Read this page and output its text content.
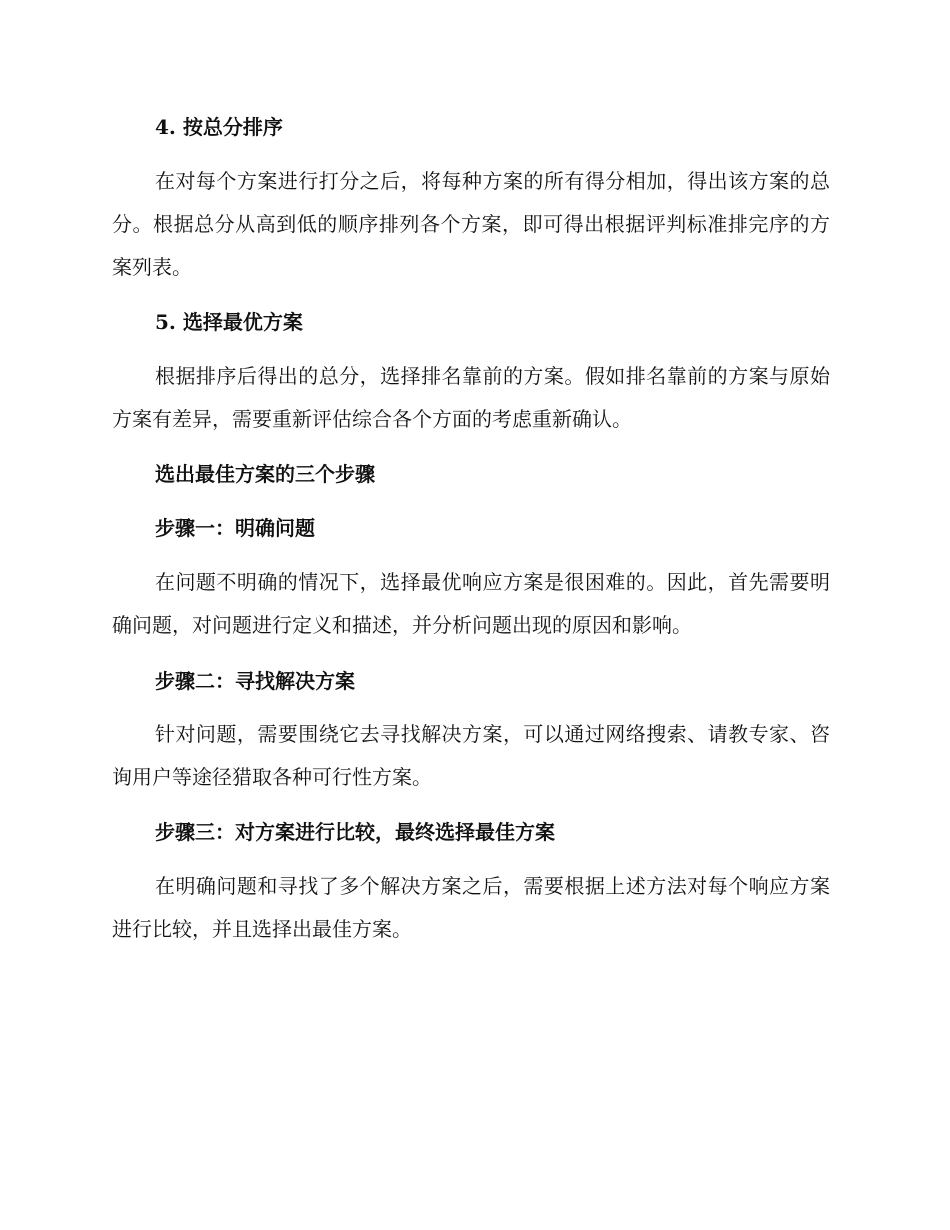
4. 按总分排序

在对每个方案进行打分之后，将每种方案的所有得分相加，得出该方案的总分。根据总分从高到低的顺序排列各个方案，即可得出根据评判标准排完序的方案列表。

5. 选择最优方案

根据排序后得出的总分，选择排名靠前的方案。假如排名靠前的方案与原始方案有差异，需要重新评估综合各个方面的考虑重新确认。

选出最佳方案的三个步骤
步骤一：明确问题

在问题不明确的情况下，选择最优响应方案是很困难的。因此，首先需要明确问题，对问题进行定义和描述，并分析问题出现的原因和影响。

步骤二：寻找解决方案

针对问题，需要围绕它去寻找解决方案，可以通过网络搜索、请教专家、咨询用户等途径猎取各种可行性方案。

步骤三：对方案进行比较，最终选择最佳方案

在明确问题和寻找了多个解决方案之后，需要根据上述方法对每个响应方案进行比较，并且选择出最佳方案。
